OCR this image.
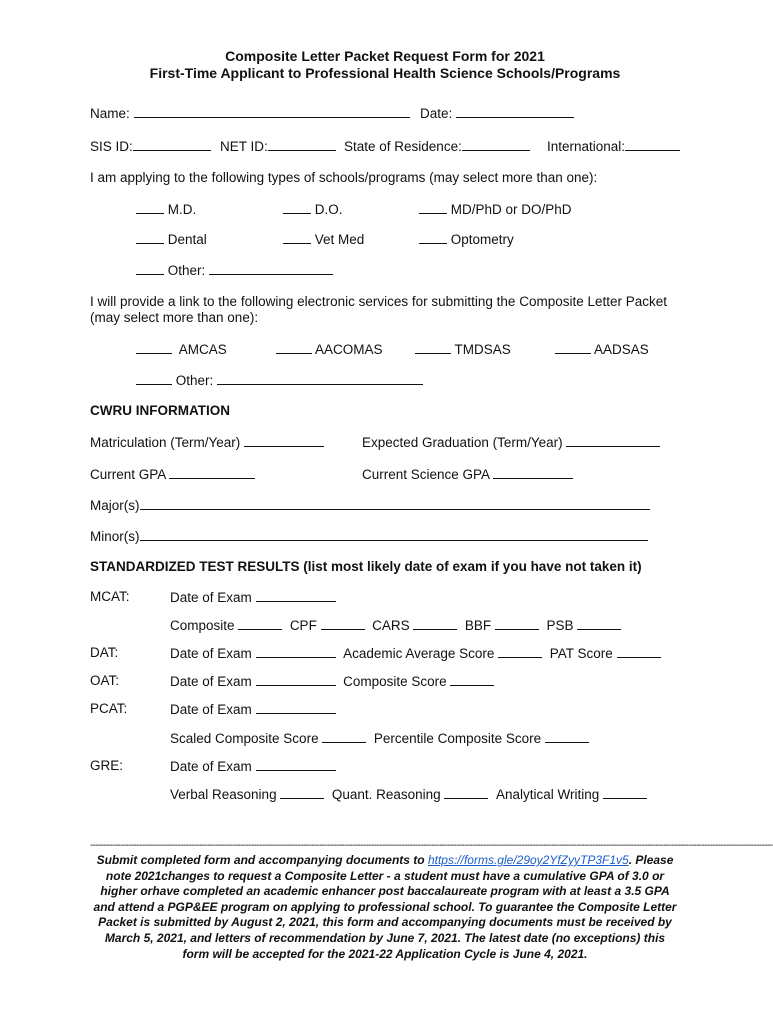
Composite Letter Packet Request Form for 2021
First-Time Applicant to Professional Health Science Schools/Programs
Name:	Date:
SIS ID:	NET ID:	State of Residence:	International:
I am applying to the following types of schools/programs (may select more than one):
M.D.	D.O.	MD/PhD or DO/PhD
Dental	Vet Med	Optometry
Other:
I will provide a link to the following electronic services for submitting the Composite Letter Packet (may select more than one):
AMCAS	AACOMAS	TMDSAS	AADSAS
Other:
CWRU INFORMATION
Matriculation (Term/Year)	Expected Graduation (Term/Year)
Current GPA	Current Science GPA
Major(s)
Minor(s)
STANDARDIZED TEST RESULTS (list most likely date of exam if you have not taken it)
MCAT:	Date of Exam
Composite	CPF	CARS	BBF	PSB
DAT:	Date of Exam	Academic Average Score	PAT Score
OAT:	Date of Exam	Composite Score
PCAT:	Date of Exam
Scaled Composite Score	Percentile Composite Score
GRE:	Date of Exam
Verbal Reasoning	Quant. Reasoning	Analytical Writing
----------------------------------------------------------------------------------------------------------------------------------------------------------------------------------------------------------------------------------------------------------
Submit completed form and accompanying documents to https://forms.gle/29oy2YfZyyTP3F1v5. Please note 2021changes to request a Composite Letter - a student must have a cumulative GPA of 3.0 or higher orhave completed an academic enhancer post baccalaureate program with at least a 3.5 GPA and attend a PGP&EE program on applying to professional school. To guarantee the Composite Letter Packet is submitted by August 2, 2021, this form and accompanying documents must be received by March 5, 2021, and letters of recommendation by June 7, 2021. The latest date (no exceptions) this form will be accepted for the 2021-22 Application Cycle is June 4, 2021.
